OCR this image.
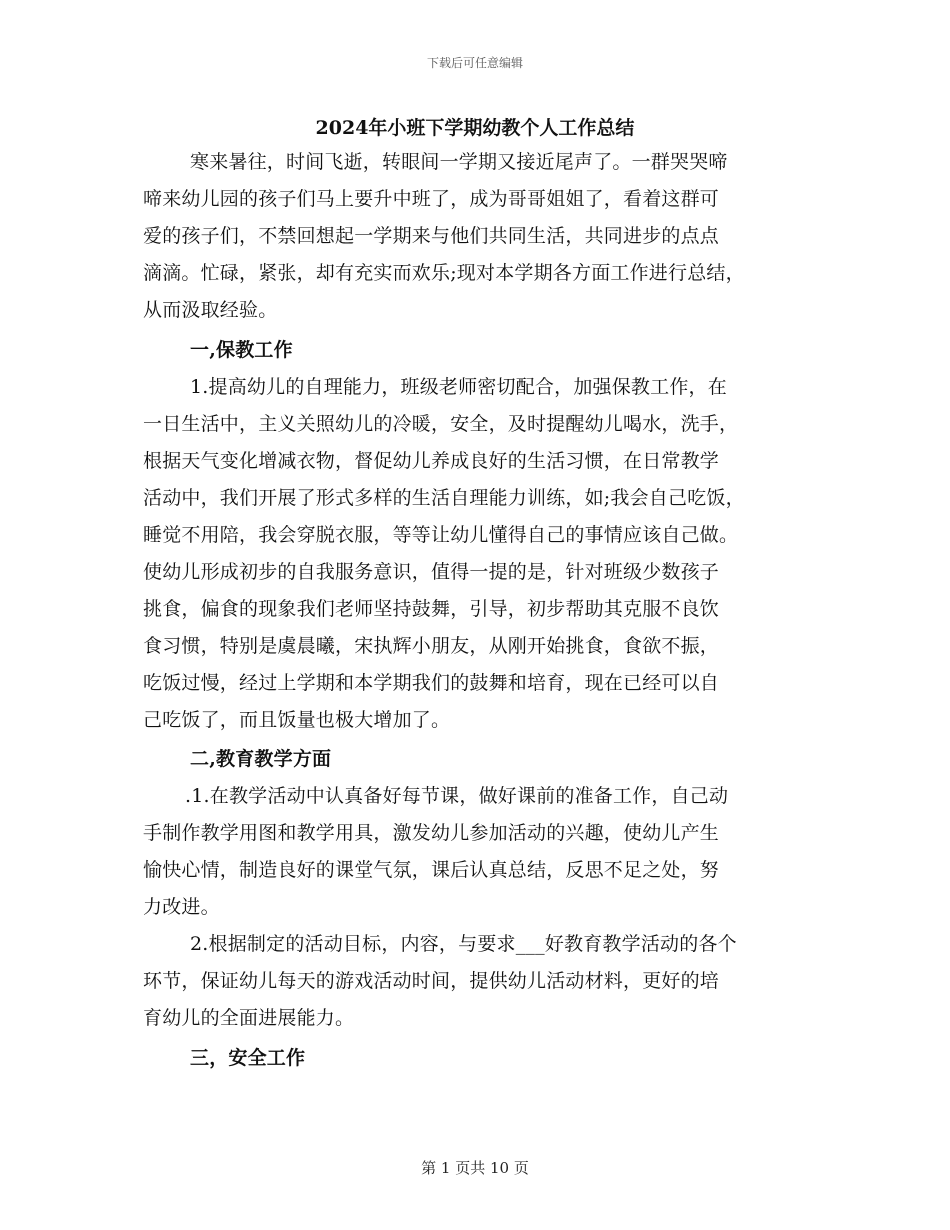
下载后可任意编辑
2024年小班下学期幼教个人工作总结
寒来暑往，时间飞逝，转眼间一学期又接近尾声了。一群哭哭啼
啼来幼儿园的孩子们马上要升中班了，成为哥哥姐姐了，看着这群可
爱的孩子们，不禁回想起一学期来与他们共同生活，共同进步的点点
滴滴。忙碌，紧张，却有充实而欢乐;现对本学期各方面工作进行总结，
从而汲取经验。
一,保教工作
1.提高幼儿的自理能力，班级老师密切配合，加强保教工作，在
一日生活中，主义关照幼儿的冷暖，安全，及时提醒幼儿喝水，洗手，
根据天气变化增减衣物，督促幼儿养成良好的生活习惯，在日常教学
活动中，我们开展了形式多样的生活自理能力训练，如;我会自己吃饭，
睡觉不用陪，我会穿脱衣服，等等让幼儿懂得自己的事情应该自己做。
使幼儿形成初步的自我服务意识，值得一提的是，针对班级少数孩子
挑食，偏食的现象我们老师坚持鼓舞，引导，初步帮助其克服不良饮
食习惯，特别是虞晨曦，宋执辉小朋友，从刚开始挑食，食欲不振，
吃饭过慢，经过上学期和本学期我们的鼓舞和培育，现在已经可以自
己吃饭了，而且饭量也极大增加了。
二,教育教学方面
.1.在教学活动中认真备好每节课，做好课前的准备工作，自己动
手制作教学用图和教学用具，激发幼儿参加活动的兴趣，使幼儿产生
愉快心情，制造良好的课堂气氛，课后认真总结，反思不足之处，努
力改进。
2.根据制定的活动目标，内容，与要求___好教育教学活动的各个
环节，保证幼儿每天的游戏活动时间，提供幼儿活动材料，更好的培
育幼儿的全面进展能力。
三，安全工作
第 1 页共 10 页
